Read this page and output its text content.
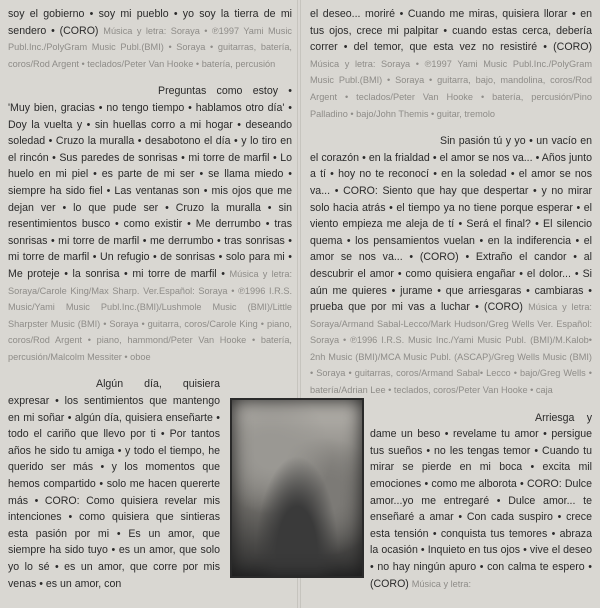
soy el gobierno • soy mi pueblo • yo soy la tierra de mi sendero • (CORO) Música y letra: Soraya • ℗1997 Yami Music Publ.Inc./PolyGram Music Publ.(BMI) • Soraya • guitarras, batería, coros/Rod Argent • teclados/Peter Van Hooke • batería, percusión

Preguntas como estoy • 'Muy bien, gracias • no tengo tiempo • hablamos otro día' • Doy la vuelta y • sin huellas corro a mi hogar • deseando soledad • Cruzo la muralla • desabotono el día • y lo tiro en el rincón • Sus paredes de sonrisas • mi torre de marfil • Lo huelo en mi piel • es parte de mi ser • se llama miedo • siempre ha sido fiel • Las ventanas son • mis ojos que me dejan ver • lo que pude ser • Cruzo la muralla • sin resentimientos busco • como existir • Me derrumbo • tras sonrisas • mi torre de marfil • me derrumbo • tras sonrisas • mi torre de marfil • Un refugio • de sonrisas • solo para mi • Me proteje • la sonrisa • mi torre de marfil • Música y letra: Soraya/Carole King/Max Sharp. Ver.Español: Soraya • ℗1996 I.R.S. Music/Yami Music Publ.Inc.(BMI)/Lushmole Music (BMI)/Little Sharpster Music (BMI) • Soraya • guitarra, coros/Carole King • piano, coros/Rod Argent • piano, hammond/Peter Van Hooke • batería, percusión/Malcolm Messiter • oboe

Algún día, quisiera expresar • los sentimientos que mantengo en mi soñar • algún día, quisiera enseñarte • todo el cariño que llevo por ti • Por tantos años he sido tu amiga • y todo el tiempo, he querido ser más • y los momentos que hemos compartido • solo me hacen quererte más • CORO: Como quisiera revelar mis intenciones • como quisiera que sintieras esta pasión por mi • Es un amor, que siempre ha sido tuyo • es un amor, que solo yo lo sé • es un amor, que corre por mis venas • es un amor, con

el deseo... moriré • Cuando me miras, quisiera llorar • en tus ojos, crece mi palpitar • cuando estas cerca, debería correr • del temor, que esta vez no resistiré • (CORO) Música y letra: Soraya • ℗1997 Yami Music Publ.Inc./PolyGram Music Publ.(BMI) • Soraya • guitarra, bajo, mandolina, coros/Rod Argent • teclados/Peter Van Hooke • batería, percusión/Pino Palladino • bajo/John Themis • guitar, tremolo

Sin pasión tú y yo • un vacío en el corazón • en la frialdad • el amor se nos va... • Años junto a tí • hoy no te reconocí • en la soledad • el amor se nos va... • CORO: Siento que hay que despertar • y no mirar solo hacia atrás • el tiempo ya no tiene porque esperar • el viento empieza me aleja de tí • Será el final? • El silencio quema • los pensamientos vuelan • en la indiferencia • el amor se nos va... • (CORO) • Extraño el candor • al descubrir el amor • como quisiera engañar • el dolor... • Si aún me quieres • jurame • que arriesgaras • cambiaras • prueba que por mi vas a luchar • (CORO) Música y letra: Soraya/Armand Sabal-Lecco/Mark Hudson/Greg Wells Ver. Español: Soraya • ℗1996 I.R.S. Music Inc./Yami Music Publ. (BMI)/M.Kalob• 2nh Music (BMI)/MCA Music Publ. (ASCAP)/Greg Wells Music (BMI) • Soraya • guitarras, coros/Armand Sabal• Lecco • bajo/Greg Wells • batería/Adrian Lee • teclados, coros/Peter Van Hooke • caja

Arriesga y dame un beso • revelame tu amor • persigue tus sueños • no les tengas temor • Cuando tu mirar se pierde en mi boca • excita mil emociones • como me alborota • CORO: Dulce amor...yo me entregaré • Dulce amor... te enseñaré a amar • Con cada suspiro • crece esta tensión • conquista tus temores • abraza la ocasión • Inquieto en tus ojos • vive el deseo • no hay ningún apuro • con calma te espero • (CORO) Música y letra:
